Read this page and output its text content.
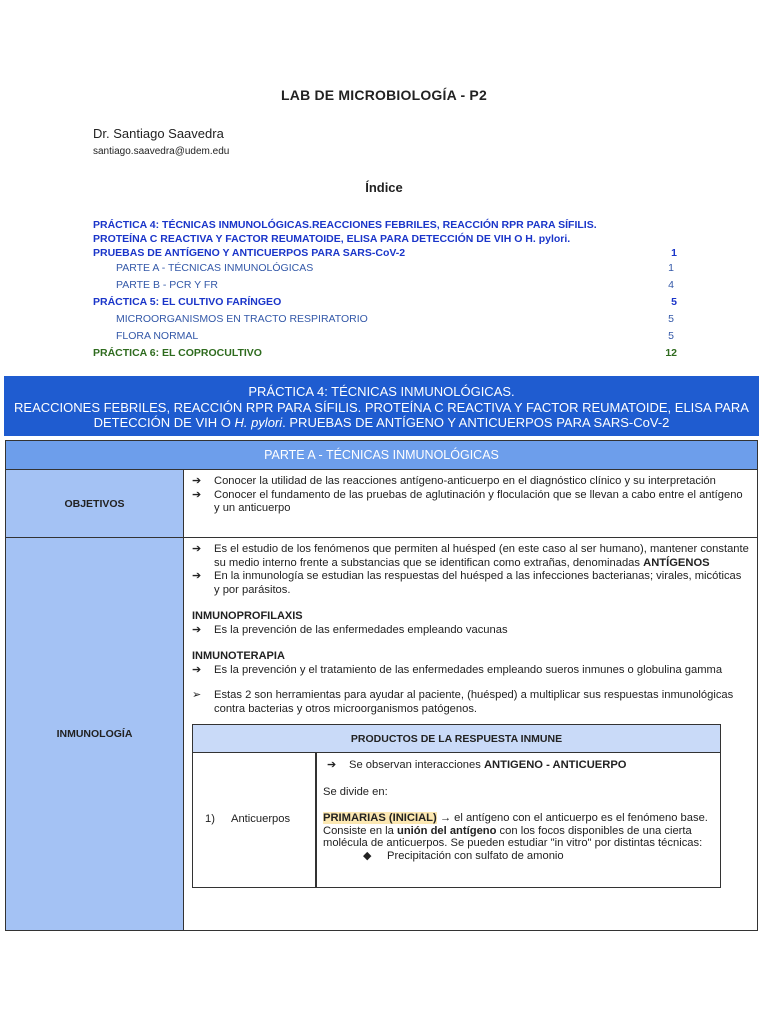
LAB DE MICROBIOLOGÍA - P2
Dr. Santiago Saavedra
santiago.saavedra@udem.edu
Índice
PRÁCTICA 4: TÉCNICAS INMUNOLÓGICAS.REACCIONES FEBRILES, REACCIÓN RPR PARA SÍFILIS.
PROTEÍNA C REACTIVA Y FACTOR REUMATOIDE, ELISA PARA DETECCIÓN DE VIH O H. pylori.
PRUEBAS DE ANTÍGENO Y ANTICUERPOS PARA SARS-CoV-2	1
PARTE A - TÉCNICAS INMUNOLÓGICAS	1
PARTE B - PCR Y FR	4
PRÁCTICA 5: EL CULTIVO FARÍNGEO	5
MICROORGANISMOS EN TRACTO RESPIRATORIO	5
FLORA NORMAL	5
PRÁCTICA 6: EL COPROCULTIVO	12
PRÁCTICA 4: TÉCNICAS INMUNOLÓGICAS.
REACCIONES FEBRILES, REACCIÓN RPR PARA SÍFILIS. PROTEÍNA C REACTIVA Y FACTOR REUMATOIDE, ELISA PARA
DETECCIÓN DE VIH O H. pylori. PRUEBAS DE ANTÍGENO Y ANTICUERPOS PARA SARS-CoV-2
PARTE A - TÉCNICAS INMUNOLÓGICAS
OBJETIVOS
➔	Conocer la utilidad de las reacciones antígeno-anticuerpo en el diagnóstico clínico y su interpretación
➔	Conocer el fundamento de las pruebas de aglutinación y floculación que se llevan a cabo entre el antígeno y un anticuerpo
INMUNOLOGÍA
➔	Es el estudio de los fenómenos que permiten al huésped (en este caso al ser humano), mantener constante su medio interno frente a substancias que se identifican como extrañas, denominadas ANTÍGENOS
➔	En la inmunología se estudian las respuestas del huésped a las infecciones bacterianas; virales, micóticas y por parásitos.
INMUNOPROFILAXIS
➔	Es la prevención de las enfermedades empleando vacunas
INMUNOTERAPIA
➔	Es la prevención y el tratamiento de las enfermedades empleando sueros inmunes o globulina gamma
➢	Estas 2 son herramientas para ayudar al paciente, (huésped) a multiplicar sus respuestas inmunológicas contra bacterias y otros microorganismos patógenos.
PRODUCTOS DE LA RESPUESTA INMUNE
1)	Anticuerpos
➔	Se observan interacciones ANTIGENO - ANTICUERPO
Se divide en:
PRIMARIAS (INICIAL) → el antígeno con el anticuerpo es el fenómeno base. Consiste en la unión del antígeno con los focos disponibles de una cierta molécula de anticuerpos. Se pueden estudiar "in vitro" por distintas técnicas:
◆	Precipitación con sulfato de amonio
